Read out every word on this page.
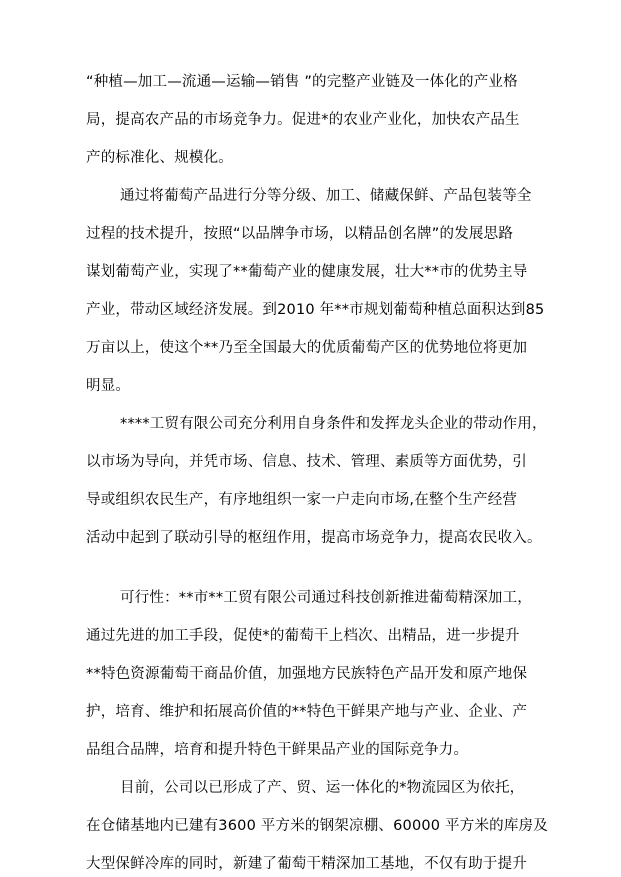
“种植—加工—流通—运输—销售 ”的完整产业链及一体化的产业格
局，提高农产品的市场竞争力。促进*的农业产业化，加快农产品生
产的标准化、规模化。
通过将葡萄产品进行分等分级、加工、储藏保鲜、产品包装等全
过程的技术提升，按照“以品牌争市场，以精品创名牌”的发展思路
谋划葡萄产业，实现了**葡萄产业的健康发展，壮大**市的优势主导
产业，带动区域经济发展。到2010 年**市规划葡萄种植总面积达到85
万亩以上，使这个**乃至全国最大的优质葡萄产区的优势地位将更加
明显。
****工贸有限公司充分利用自身条件和发挥龙头企业的带动作用，
以市场为导向，并凭市场、信息、技术、管理、素质等方面优势，引
导或组织农民生产，有序地组织一家一户走向市场,在整个生产经营
活动中起到了联动引导的枢纽作用，提高市场竞争力，提高农民收入。
可行性：**市**工贸有限公司通过科技创新推进葡萄精深加工，
通过先进的加工手段，促使*的葡萄干上档次、出精品，进一步提升
**特色资源葡萄干商品价值，加强地方民族特色产品开发和原产地保
护，培育、维护和拓展高价值的**特色干鲜果产地与产业、企业、产
品组合品牌，培育和提升特色干鲜果品产业的国际竞争力。
目前，公司以已形成了产、贸、运一体化的*物流园区为依托，
在仓储基地内已建有3600 平方米的钢架凉棚、60000 平方米的库房及
大型保鲜冷库的同时，新建了葡萄干精深加工基地，不仅有助于提升
